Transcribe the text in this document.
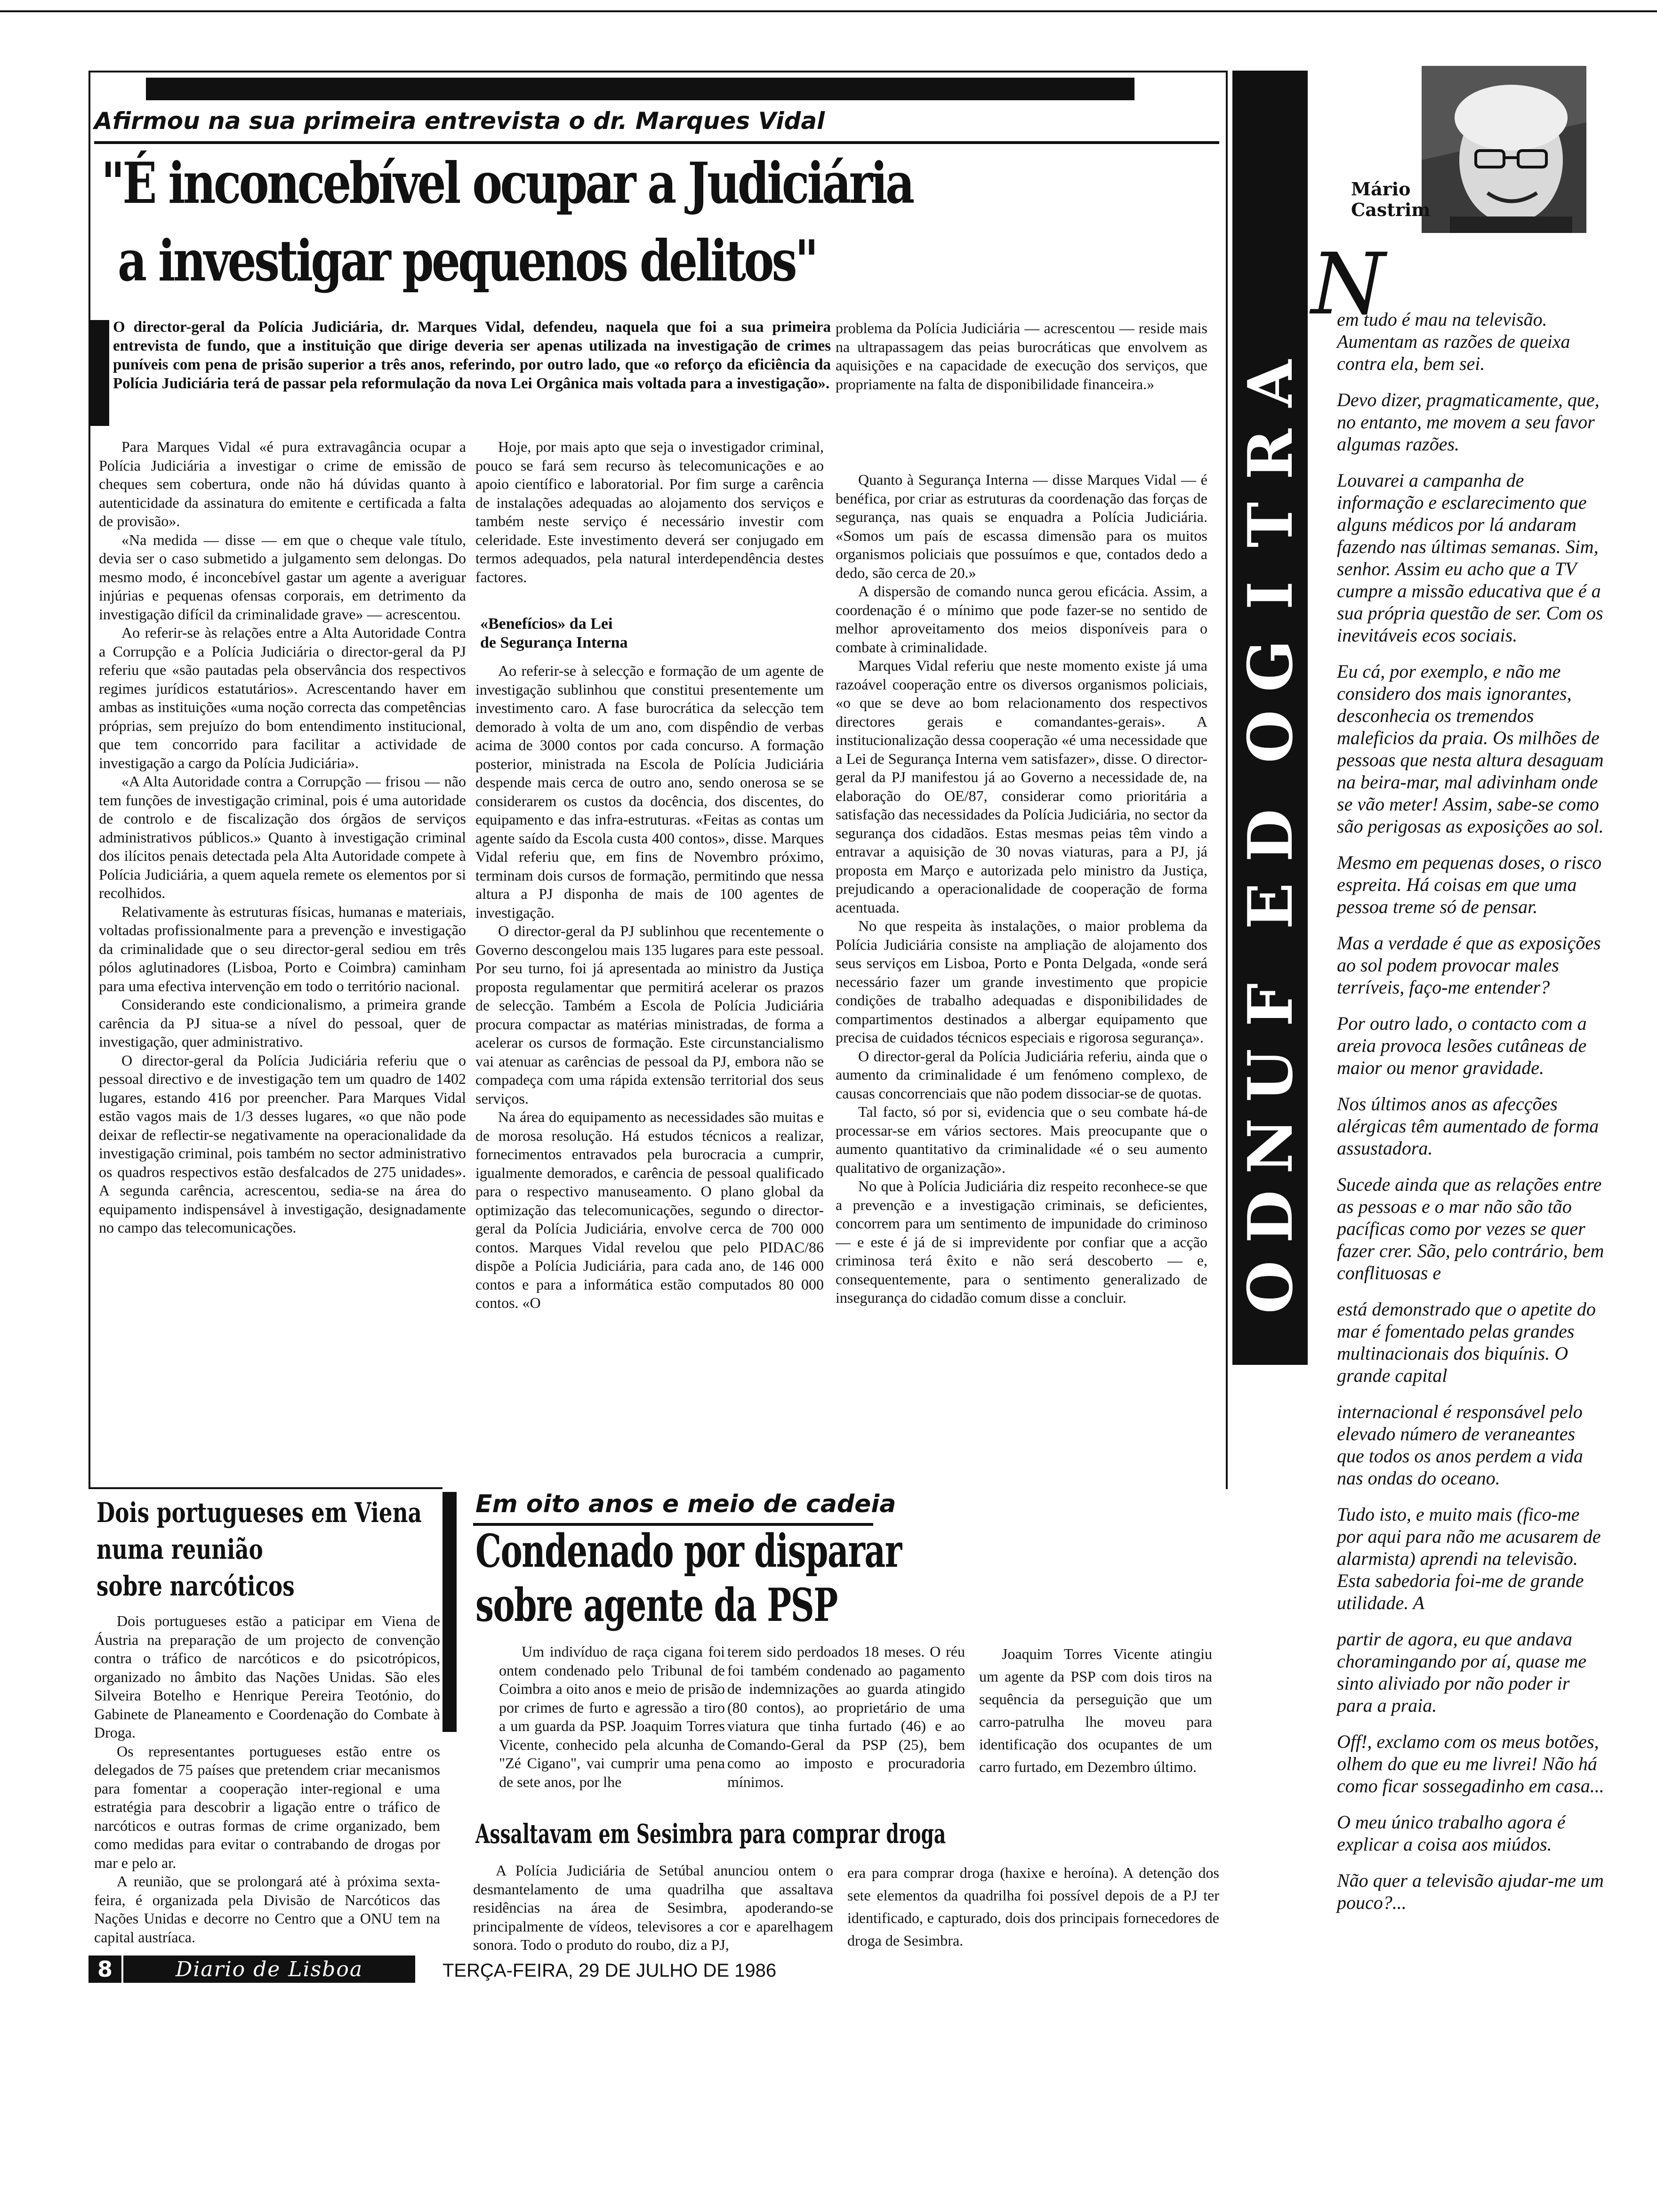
Afirmou na sua primeira entrevista o dr. Marques Vidal
"É inconcebível ocupar a Judiciária
a investigar pequenos delitos"
O director-geral da Polícia Judiciária, dr. Marques Vidal, defendeu, naquela que foi a sua primeira entrevista de fundo, que a instituição que dirige deveria ser apenas utilizada na investigação de crimes puníveis com pena de prisão superior a três anos, referindo, por outro lado, que «o reforço da eficiência da Polícia Judiciária terá de passar pela reformulação da nova Lei Orgânica mais voltada para a investigação».

problema da Polícia Judiciária — acrescentou — reside mais na ultrapassagem das peias burocráticas que envolvem as aquisições e na capacidade de execução dos serviços, que propriamente na falta de disponibilidade financeira.»

Para Marques Vidal «é pura extravagância ocupar a Polícia Judiciária a investigar o crime de emissão de cheques sem cobertura, onde não há dúvidas quanto à autenticidade da assinatura do emitente e certificada a falta de provisão».

«Na medida — disse — em que o cheque vale título, devia ser o caso submetido a julgamento sem delongas. Do mesmo modo, é inconcebível gastar um agente a averiguar injúrias e pequenas ofensas corporais, em detrimento da investigação difícil da criminalidade grave» — acrescentou.

Ao referir-se às relações entre a Alta Autoridade Contra a Corrupção e a Polícia Judiciária o director-geral da PJ referiu que «são pautadas pela observância dos respectivos regimes jurídicos estatutários». Acrescentando haver em ambas as instituições «uma noção correcta das competências próprias, sem prejuízo do bom entendimento institucional, que tem concorrido para facilitar a actividade de investigação a cargo da Polícia Judiciária».

«A Alta Autoridade contra a Corrupção — frisou — não tem funções de investigação criminal, pois é uma autoridade de controlo e de fiscalização dos órgãos de serviços administrativos públicos.» Quanto à investigação criminal dos ilícitos penais detectada pela Alta Autoridade compete à Polícia Judiciária, a quem aquela remete os elementos por si recolhidos.

Relativamente às estruturas físicas, humanas e materiais, voltadas profissionalmente para a prevenção e investigação da criminalidade que o seu director-geral sediou em três pólos aglutinadores (Lisboa, Porto e Coimbra) caminham para uma efectiva intervenção em todo o território nacional.

Considerando este condicionalismo, a primeira grande carência da PJ situa-se a nível do pessoal, quer de investigação, quer administrativo.

O director-geral da Polícia Judiciária referiu que o pessoal directivo e de investigação tem um quadro de 1402 lugares, estando 416 por preencher. Para Marques Vidal estão vagos mais de 1/3 desses lugares, «o que não pode deixar de reflectir-se negativamente na operacionalidade da investigação criminal, pois também no sector administrativo os quadros respectivos estão desfalcados de 275 unidades». A segunda carência, acrescentou, sedia-se na área do equipamento indispensável à investigação, designadamente no campo das telecomunicações.

Hoje, por mais apto que seja o investigador criminal, pouco se fará sem recurso às telecomunicações e ao apoio científico e laboratorial. Por fim surge a carência de instalações adequadas ao alojamento dos serviços e também neste serviço é necessário investir com celeridade. Este investimento deverá ser conjugado em termos adequados, pela natural interdependência destes factores.

«Benefícios» da Lei
de Segurança Interna

Ao referir-se à selecção e formação de um agente de investigação sublinhou que constitui presentemente um investimento caro. A fase burocrática da selecção tem demorado à volta de um ano, com dispêndio de verbas acima de 3000 contos por cada concurso. A formação posterior, ministrada na Escola de Polícia Judiciária despende mais cerca de outro ano, sendo onerosa se se considerarem os custos da docência, dos discentes, do equipamento e das infra-estruturas. «Feitas as contas um agente saído da Escola custa 400 contos», disse. Marques Vidal referiu que, em fins de Novembro próximo, terminam dois cursos de formação, permitindo que nessa altura a PJ disponha de mais de 100 agentes de investigação.

O director-geral da PJ sublinhou que recentemente o Governo descongelou mais 135 lugares para este pessoal. Por seu turno, foi já apresentada ao ministro da Justiça proposta regulamentar que permitirá acelerar os prazos de selecção. Também a Escola de Polícia Judiciária procura compactar as matérias ministradas, de forma a acelerar os cursos de formação. Este circunstancialismo vai atenuar as carências de pessoal da PJ, embora não se compadeça com uma rápida extensão territorial dos seus serviços.

Na área do equipamento as necessidades são muitas e de morosa resolução. Há estudos técnicos a realizar, fornecimentos entravados pela burocracia a cumprir, igualmente demorados, e carência de pessoal qualificado para o respectivo manuseamento. O plano global da optimização das telecomunicações, segundo o director-geral da Polícia Judiciária, envolve cerca de 700 000 contos. Marques Vidal revelou que pelo PIDAC/86 dispõe a Polícia Judiciária, para cada ano, de 146 000 contos e para a informática estão computados 80 000 contos. «O

Quanto à Segurança Interna — disse Marques Vidal — é benéfica, por criar as estruturas da coordenação das forças de segurança, nas quais se enquadra a Polícia Judiciária. «Somos um país de escassa dimensão para os muitos organismos policiais que possuímos e que, contados dedo a dedo, são cerca de 20.»

A dispersão de comando nunca gerou eficácia. Assim, a coordenação é o mínimo que pode fazer-se no sentido de melhor aproveitamento dos meios disponíveis para o combate à criminalidade.

Marques Vidal referiu que neste momento existe já uma razoável cooperação entre os diversos organismos policiais, «o que se deve ao bom relacionamento dos respectivos directores gerais e comandantes-gerais». A institucionalização dessa cooperação «é uma necessidade que a Lei de Segurança Interna vem satisfazer», disse. O director-geral da PJ manifestou já ao Governo a necessidade de, na elaboração do OE/87, considerar como prioritária a satisfação das necessidades da Polícia Judiciária, no sector da segurança dos cidadãos. Estas mesmas peias têm vindo a entravar a aquisição de 30 novas viaturas, para a PJ, já proposta em Março e autorizada pelo ministro da Justiça, prejudicando a operacionalidade de cooperação de forma acentuada.

No que respeita às instalações, o maior problema da Polícia Judiciária consiste na ampliação de alojamento dos seus serviços em Lisboa, Porto e Ponta Delgada, «onde será necessário fazer um grande investimento que propicie condições de trabalho adequadas e disponibilidades de compartimentos destinados a albergar equipamento que precisa de cuidados técnicos especiais e rigorosa segurança».

O director-geral da Polícia Judiciária referiu, ainda que o aumento da criminalidade é um fenómeno complexo, de causas concorrenciais que não podem dissociar-se de quotas.

Tal facto, só por si, evidencia que o seu combate há-de processar-se em vários sectores. Mais preocupante que o aumento quantitativo da criminalidade «é o seu aumento qualitativo de organização».

No que à Polícia Judiciária diz respeito reconhece-se que a prevenção e a investigação criminais, se deficientes, concorrem para um sentimento de impunidade do criminoso — e este é já de si imprevidente por confiar que a acção criminosa terá êxito e não será descoberto — e, consequentemente, para o sentimento generalizado de insegurança do cidadão comum disse a concluir.

Dois portugueses em Viena
numa reunião
sobre narcóticos

Dois portugueses estão a paticipar em Viena de Áustria na preparação de um projecto de convenção contra o tráfico de narcóticos e do psicotrópicos, organizado no âmbito das Nações Unidas. São eles Silveira Botelho e Henrique Pereira Teotónio, do Gabinete de Planeamento e Coordenação do Combate à Droga.

Os representantes portugueses estão entre os delegados de 75 países que pretendem criar mecanismos para fomentar a cooperação inter-regional e uma estratégia para descobrir a ligação entre o tráfico de narcóticos e outras formas de crime organizado, bem como medidas para evitar o contrabando de drogas por mar e pelo ar.

A reunião, que se prolongará até à próxima sexta-feira, é organizada pela Divisão de Narcóticos das Nações Unidas e decorre no Centro que a ONU tem na capital austríaca.

Em oito anos e meio de cadeia
Condenado por disparar
sobre agente da PSP

Um indivíduo de raça cigana foi ontem condenado pelo Tribunal de Coimbra a oito anos e meio de prisão por crimes de furto e agressão a tiro a um guarda da PSP. Joaquim Torres Vicente, conhecido pela alcunha de "Zé Cigano", vai cumprir uma pena de sete anos, por lhe

terem sido perdoados 18 meses. O réu foi também condenado ao pagamento de indemnizações ao guarda atingido (80 contos), ao proprietário de uma viatura que tinha furtado (46) e ao Comando-Geral da PSP (25), bem como ao imposto e procuradoria mínimos.

Joaquim Torres Vicente atingiu um agente da PSP com dois tiros na sequência da perseguição que um carro-patrulha lhe moveu para identificação dos ocupantes de um carro furtado, em Dezembro último.

Assaltavam em Sesimbra para comprar droga

A Polícia Judiciária de Setúbal anunciou ontem o desmantelamento de uma quadrilha que assaltava residências na área de Sesimbra, apoderando-se principalmente de vídeos, televisores a cor e aparelhagem sonora. Todo o produto do roubo, diz a PJ,

era para comprar droga (haxixe e heroína). A detenção dos sete elementos da quadrilha foi possível depois de a PJ ter identificado, e capturado, dois dos principais fornecedores de droga de Sesimbra.

8	Diario de Lisboa	TERÇA-FEIRA, 29 DE JULHO DE 1986
A
R
T
I
G
O
D
E
F
U
N
D
O
Mário
Castrim
N

em tudo é mau na televisão. Aumentam as razões de queixa contra ela, bem sei.

Devo dizer, pragmaticamente, que, no entanto, me movem a seu favor algumas razões.

Louvarei a campanha de informação e esclarecimento que alguns médicos por lá andaram fazendo nas últimas semanas. Sim, senhor. Assim eu acho que a TV cumpre a missão educativa que é a sua própria questão de ser. Com os inevitáveis ecos sociais.

Eu cá, por exemplo, e não me considero dos mais ignorantes, desconhecia os tremendos maleficios da praia. Os milhões de pessoas que nesta altura desaguam na beira-mar, mal adivinham onde se vão meter! Assim, sabe-se como são perigosas as exposições ao sol.

Mesmo em pequenas doses, o risco espreita. Há coisas em que uma pessoa treme só de pensar.

Mas a verdade é que as exposições ao sol podem provocar males terríveis, faço-me entender?

Por outro lado, o contacto com a areia provoca lesões cutâneas de maior ou menor gravidade.

Nos últimos anos as afecções alérgicas têm aumentado de forma assustadora.

Sucede ainda que as relações entre as pessoas e o mar não são tão pacíficas como por vezes se quer fazer crer. São, pelo contrário, bem conflituosas e

está demonstrado que o apetite do mar é fomentado pelas grandes multinacionais dos biquínis. O grande capital

internacional é responsável pelo elevado número de veraneantes que todos os anos perdem a vida nas ondas do oceano.

Tudo isto, e muito mais (fico-me por aqui para não me acusarem de alarmista) aprendi na televisão. Esta sabedoria foi-me de grande utilidade. A

partir de agora, eu que andava choramingando por aí, quase me sinto aliviado por não poder ir para a praia.

Off!, exclamo com os meus botões, olhem do que eu me livrei! Não há como ficar sossegadinho em casa...

O meu único trabalho agora é explicar a coisa aos miúdos.

Não quer a televisão ajudar-me um pouco?...
